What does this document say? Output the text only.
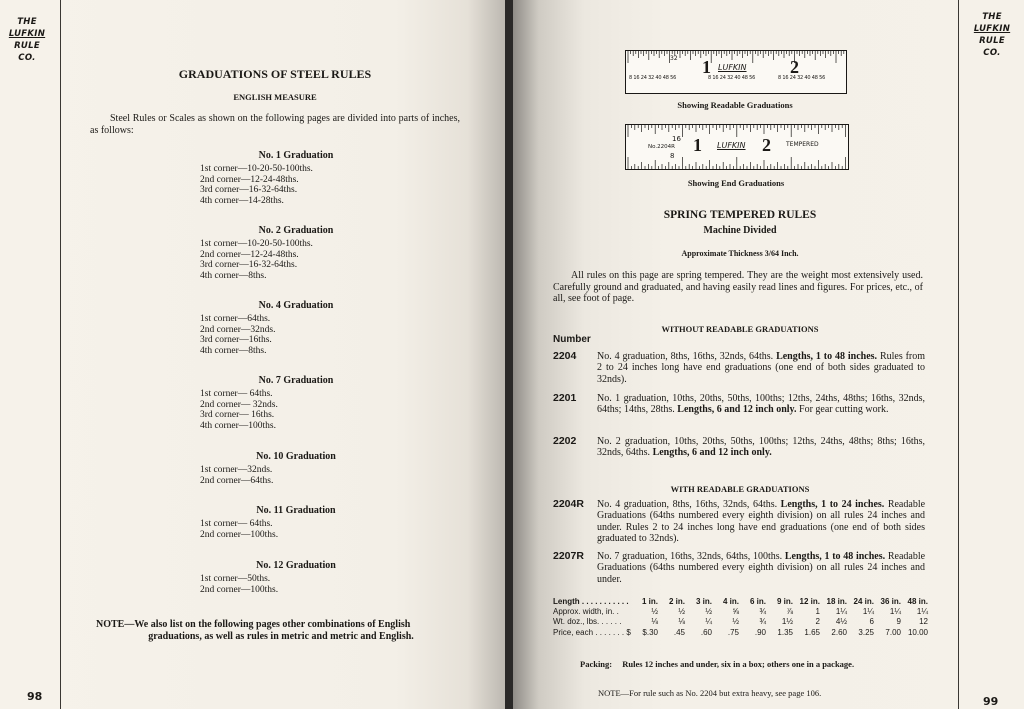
THE
LUFKIN
RULE
CO.
98
GRADUATIONS OF STEEL RULES
ENGLISH MEASURE
Steel Rules or Scales as shown on the following pages are divided into parts of inches, as follows:
No. 1 Graduation
1st corner—10-20-50-100ths.
2nd corner—12-24-48ths.
3rd corner—16-32-64ths.
4th corner—14-28ths.
No. 2 Graduation
1st corner—10-20-50-100ths.
2nd corner—12-24-48ths.
3rd corner—16-32-64ths.
4th corner—8ths.
No. 4 Graduation
1st corner—64ths.
2nd corner—32nds.
3rd corner—16ths.
4th corner—8ths.
No. 7 Graduation
1st corner— 64ths.
2nd corner— 32nds.
3rd corner— 16ths.
4th corner—100ths.
No. 10 Graduation
1st corner—32nds.
2nd corner—64ths.
No. 11 Graduation
1st corner— 64ths.
2nd corner—100ths.
No. 12 Graduation
1st corner—50ths.
2nd corner—100ths.
NOTE—We also list on the following pages other combinations of English
graduations, as well as rules in metric and metric and English.
THE
LUFKIN
RULE
CO.
99
1	2
LUFKIN
32
8 16 24 32 40 48 56	8 16 24 32 40 48 56	8 16 24 32 40 48 56
Showing Readable Graduations
1	2
LUFKIN
No.2204R
16
8
TEMPERED
Showing End Graduations
SPRING TEMPERED RULES
Machine Divided
Approximate Thickness 3/64 Inch.
All rules on this page are spring tempered. They are the weight most extensively used. Carefully ground and graduated, and having easily read lines and figures. For prices, etc., of all, see foot of page.
WITHOUT READABLE GRADUATIONS
Number
2204 No. 4 graduation, 8ths, 16ths, 32nds, 64ths. Lengths, 1 to 48 inches. Rules from 2 to 24 inches long have end graduations (one end of both sides graduated to 32nds).
2201 No. 1 graduation, 10ths, 20ths, 50ths, 100ths; 12ths, 24ths, 48ths; 16ths, 32nds, 64ths; 14ths, 28ths. Lengths, 6 and 12 inch only. For gear cutting work.
2202 No. 2 graduation, 10ths, 20ths, 50ths, 100ths; 12ths, 24ths, 48ths; 8ths; 16ths, 32nds, 64ths. Lengths, 6 and 12 inch only.
WITH READABLE GRADUATIONS
2204R No. 4 graduation, 8ths, 16ths, 32nds, 64ths. Lengths, 1 to 24 inches. Readable Graduations (64ths numbered every eighth division) on all rules 24 inches and under. Rules 2 to 24 inches long have end graduations (one end of both sides graduated to 32nds).
2207R No. 7 graduation, 16ths, 32nds, 64ths, 100ths. Lengths, 1 to 48 inches. Readable Graduations (64ths numbered every eighth division) on all rules 24 inches and under.
Length . . . . . . . . . . .	1 in.	2 in.	3 in.	4 in.	6 in.	9 in.	12 in.	18 in.	24 in.	36 in.	48 in.
Approx. width, in. .	½	½	½	⅝	¾	⅞	1	1¼	1¼	1¼	1¼
Wt. doz., lbs. . . . . .	⅛	⅛	¼	½	¾	1½	2	4½	6	9	12
Price, each . . . . . . . $	$.30	.45	.60	.75	.90	1.35	1.65	2.60	3.25	7.00	10.00
Packing: Rules 12 inches and under, six in a box; others one in a package.
NOTE—For rule such as No. 2204 but extra heavy, see page 106.
